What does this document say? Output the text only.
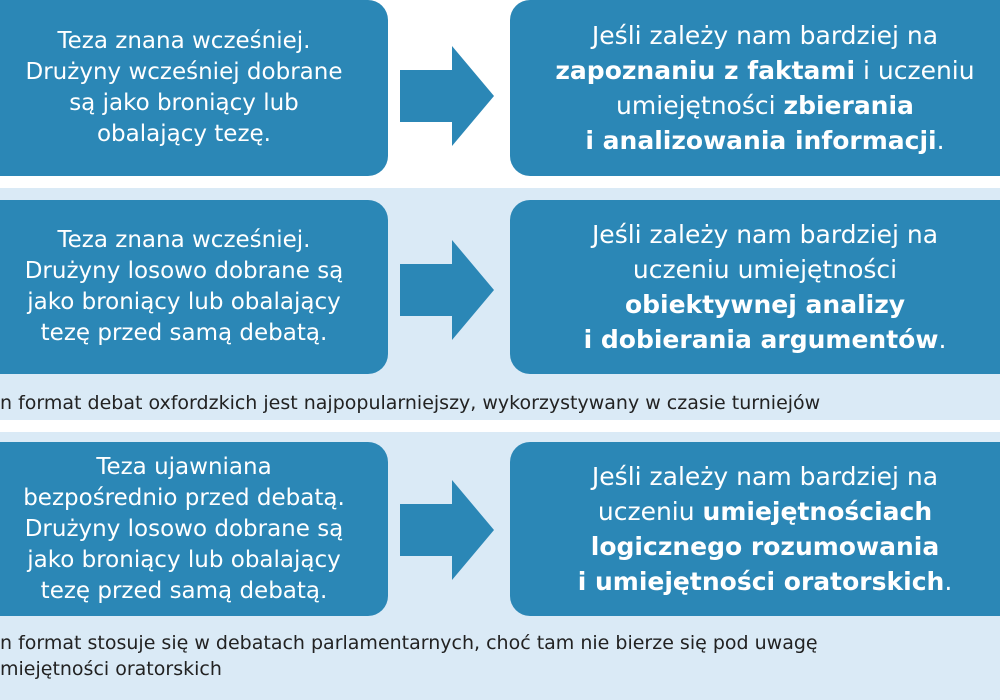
Teza znana wcześniej.
Drużyny wcześniej dobrane
są jako broniący lub
obalający tezę.
Jeśli zależy nam bardziej na
zapoznaniu z faktami i uczeniu
umiejętności zbierania
i analizowania informacji.
Teza znana wcześniej.
Drużyny losowo dobrane są
jako broniący lub obalający
tezę przed samą debatą.
Jeśli zależy nam bardziej na
uczeniu umiejętności
obiektywnej analizy
i dobierania argumentów.
n format debat oxfordzkich jest najpopularniejszy, wykorzystywany w czasie turniejów
Teza ujawniana
bezpośrednio przed debatą.
Drużyny losowo dobrane są
jako broniący lub obalający
tezę przed samą debatą.
Jeśli zależy nam bardziej na
uczeniu umiejętnościach
logicznego rozumowania
i umiejętności oratorskich.
n format stosuje się w debatach parlamentarnych, choć tam nie bierze się pod uwagę
miejętności oratorskich
